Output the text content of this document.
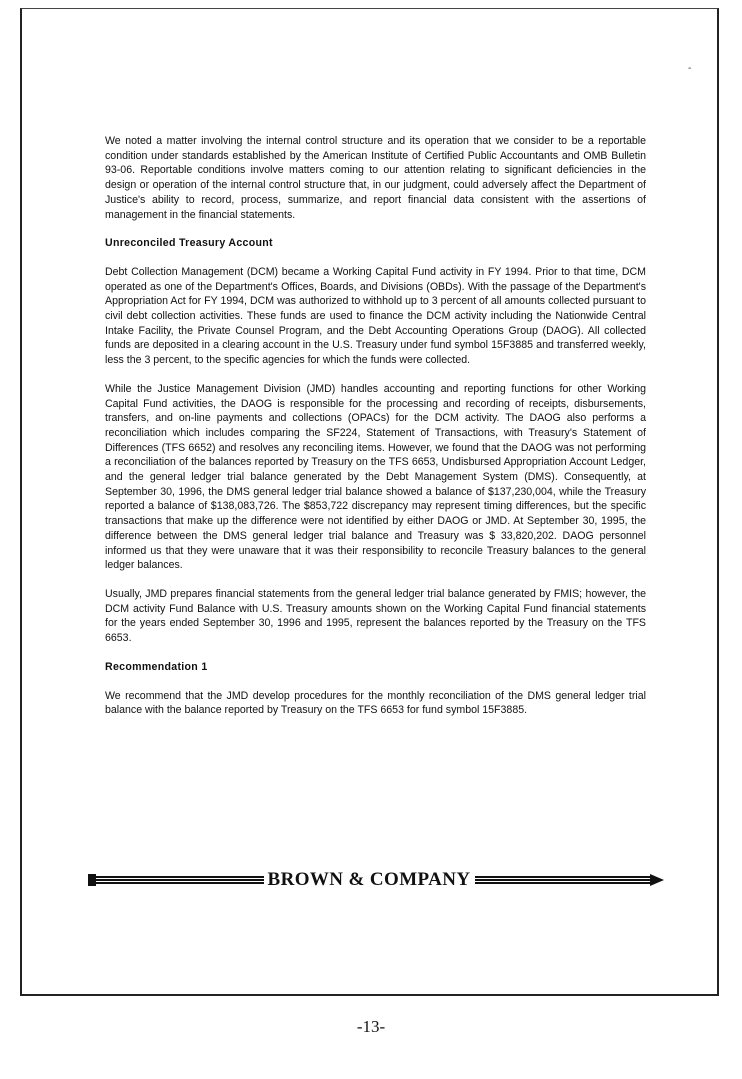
-

We noted a matter involving the internal control structure and its operation that we consider to be a reportable condition under standards established by the American Institute of Certified Public Accountants and OMB Bulletin 93-06. Reportable conditions involve matters coming to our attention relating to significant deficiencies in the design or operation of the internal control structure that, in our judgment, could adversely affect the Department of Justice's ability to record, process, summarize, and report financial data consistent with the assertions of management in the financial statements.

Unreconciled Treasury Account

Debt Collection Management (DCM) became a Working Capital Fund activity in FY 1994. Prior to that time, DCM operated as one of the Department's Offices, Boards, and Divisions (OBDs). With the passage of the Department's Appropriation Act for FY 1994, DCM was authorized to withhold up to 3 percent of all amounts collected pursuant to civil debt collection activities. These funds are used to finance the DCM activity including the Nationwide Central Intake Facility, the Private Counsel Program, and the Debt Accounting Operations Group (DAOG). All collected funds are deposited in a clearing account in the U.S. Treasury under fund symbol 15F3885 and transferred weekly, less the 3 percent, to the specific agencies for which the funds were collected.

While the Justice Management Division (JMD) handles accounting and reporting functions for other Working Capital Fund activities, the DAOG is responsible for the processing and recording of receipts, disbursements, transfers, and on-line payments and collections (OPACs) for the DCM activity. The DAOG also performs a reconciliation which includes comparing the SF224, Statement of Transactions, with Treasury's Statement of Differences (TFS 6652) and resolves any reconciling items. However, we found that the DAOG was not performing a reconciliation of the balances reported by Treasury on the TFS 6653, Undisbursed Appropriation Account Ledger, and the general ledger trial balance generated by the Debt Management System (DMS). Consequently, at September 30, 1996, the DMS general ledger trial balance showed a balance of $137,230,004, while the Treasury reported a balance of $138,083,726. The $853,722 discrepancy may represent timing differences, but the specific transactions that make up the difference were not identified by either DAOG or JMD. At September 30, 1995, the difference between the DMS general ledger trial balance and Treasury was $ 33,820,202. DAOG personnel informed us that they were unaware that it was their responsibility to reconcile Treasury balances to the general ledger balances.

Usually, JMD prepares financial statements from the general ledger trial balance generated by FMIS; however, the DCM activity Fund Balance with U.S. Treasury amounts shown on the Working Capital Fund financial statements for the years ended September 30, 1996 and 1995, represent the balances reported by the Treasury on the TFS 6653.

Recommendation 1

We recommend that the JMD develop procedures for the monthly reconciliation of the DMS general ledger trial balance with the balance reported by Treasury on the TFS 6653 for fund symbol 15F3885.

BROWN & COMPANY
-13-
